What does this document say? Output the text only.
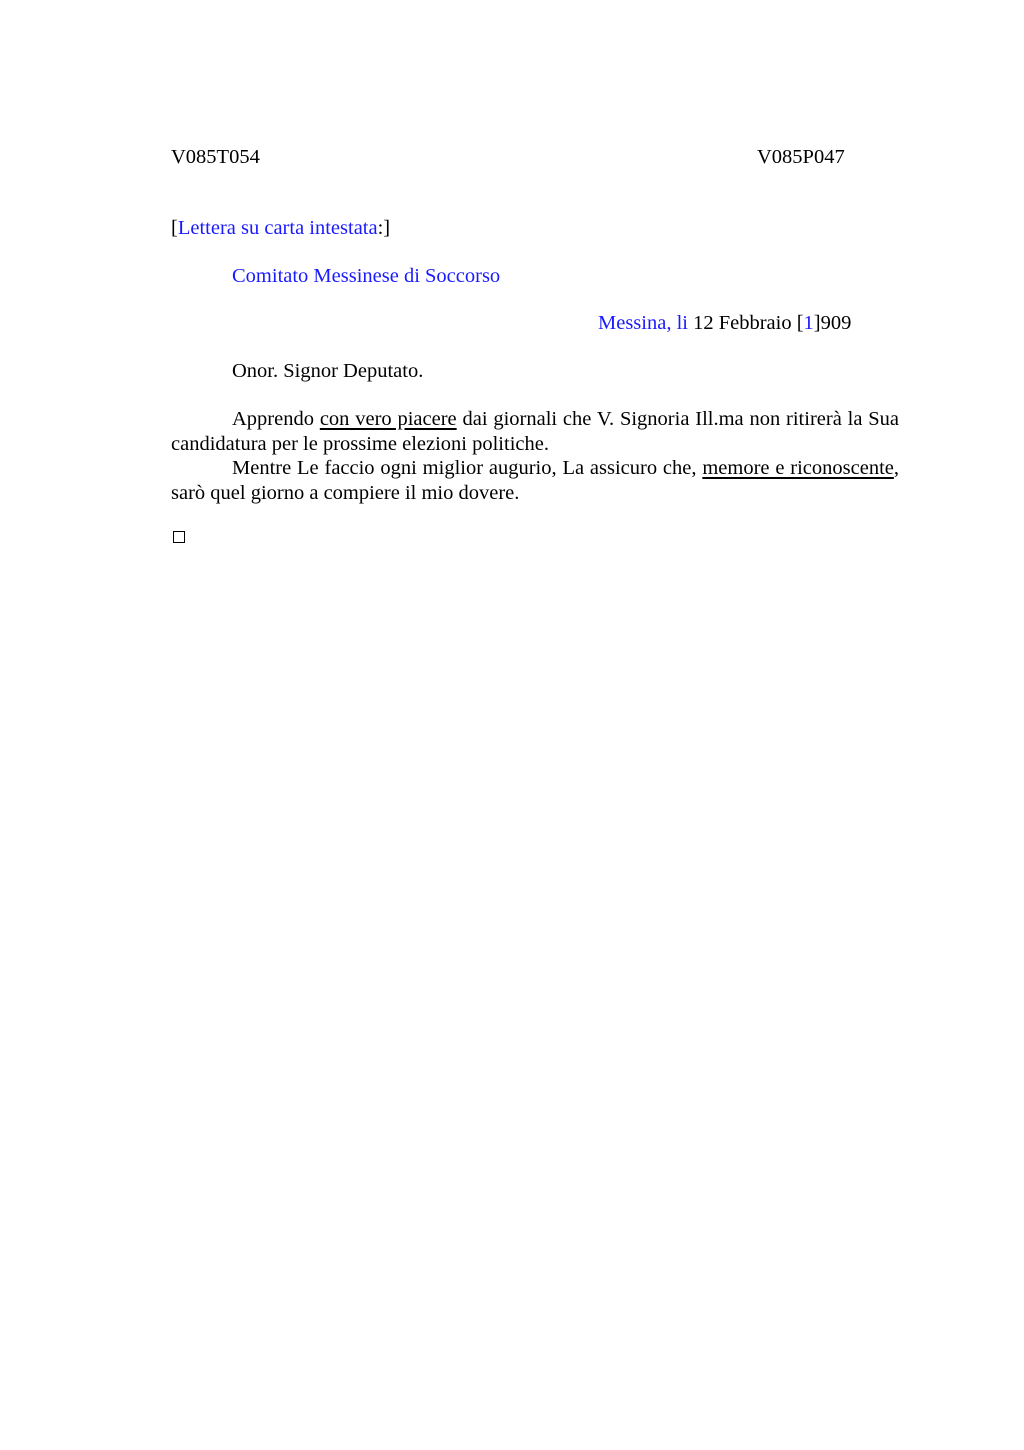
V085T054	V085P047
[Lettera su carta intestata:]
Comitato Messinese di Soccorso
Messina, li 12 Febbraio [1]909
Onor. Signor Deputato.

Apprendo con vero piacere dai giornali che V. Signoria Ill.ma non ritirerà la Sua candidatura per le prossime elezioni politiche.

Mentre Le faccio ogni miglior augurio, La assicuro che, memore e riconoscente, sarò quel giorno a compiere il mio dovere.
